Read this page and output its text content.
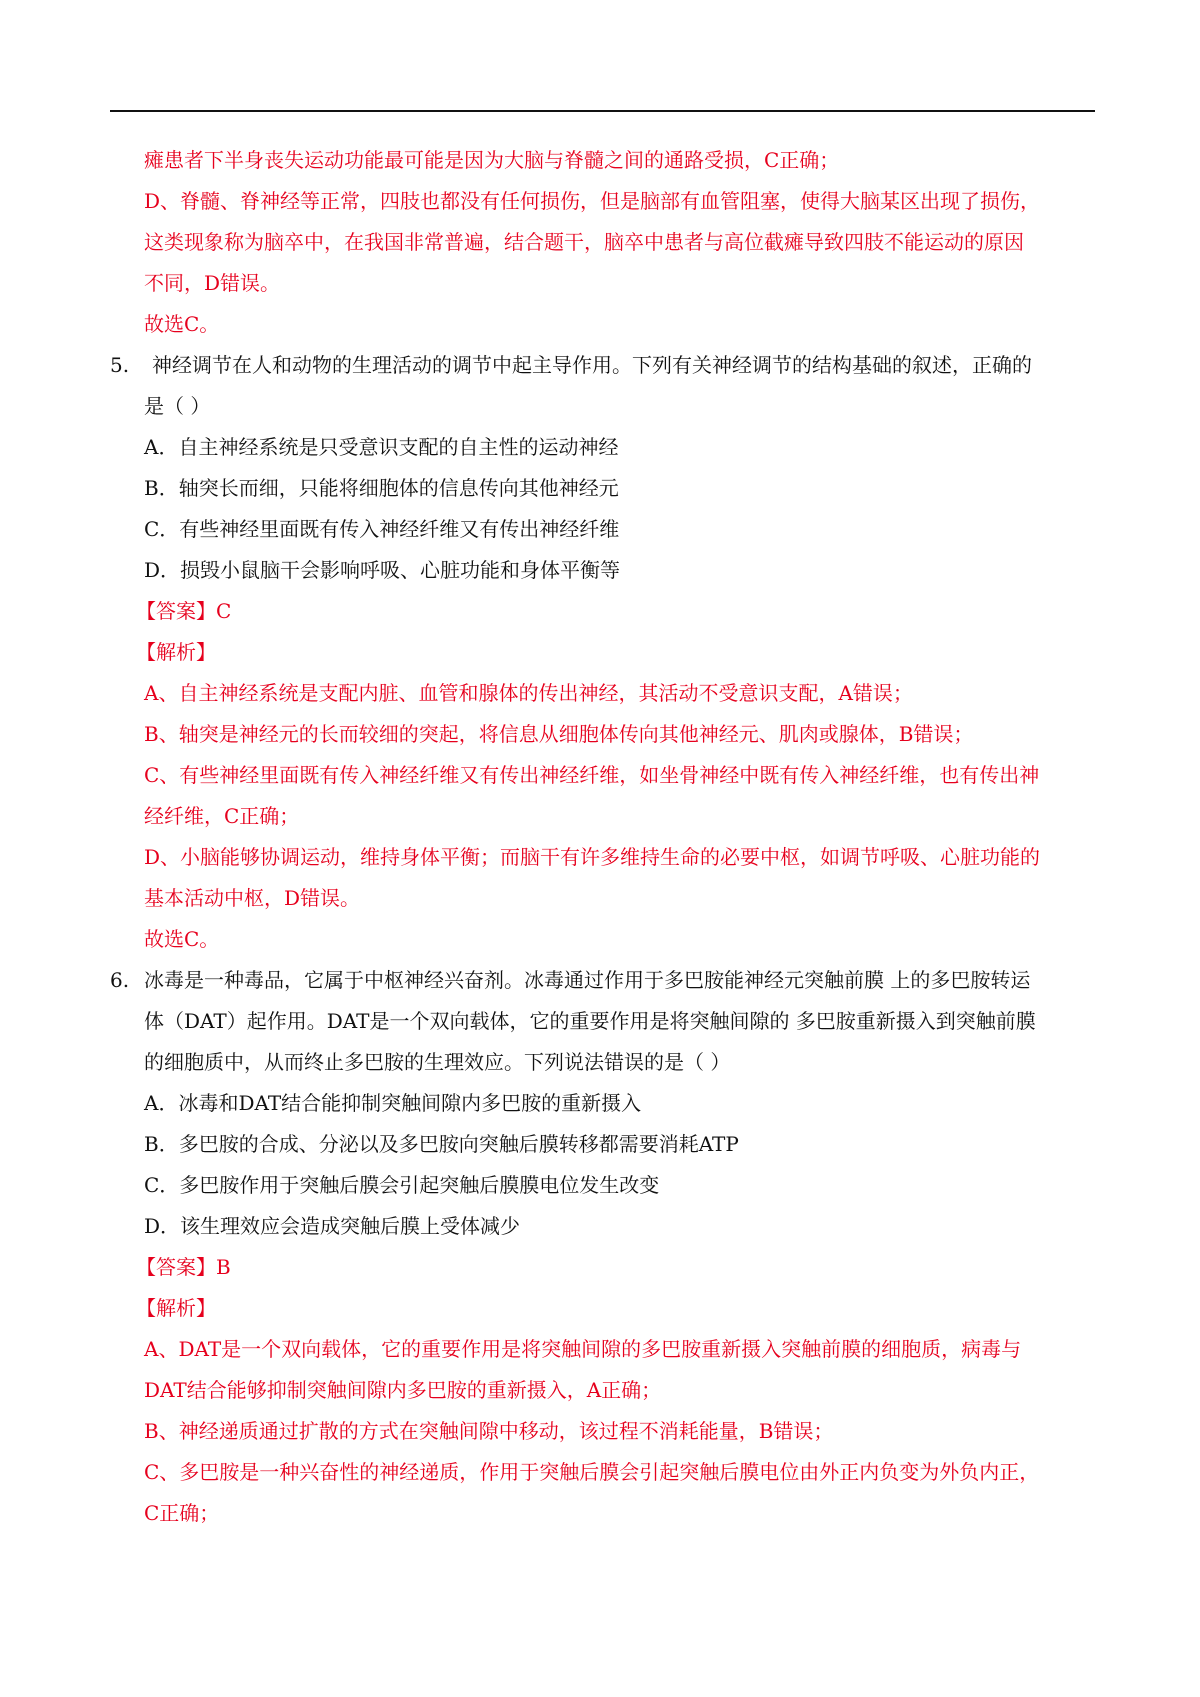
瘫患者下半身丧失运动功能最可能是因为大脑与脊髓之间的通路受损，C正确；
D、脊髓、脊神经等正常，四肢也都没有任何损伤，但是脑部有血管阻塞，使得大脑某区出现了损伤，
这类现象称为脑卒中，在我国非常普遍，结合题干，脑卒中患者与高位截瘫导致四肢不能运动的原因
不同，D错误。
故选C。
5. 神经调节在人和动物的生理活动的调节中起主导作用。下列有关神经调节的结构基础的叙述，正确的
是（ ）
A．自主神经系统是只受意识支配的自主性的运动神经
B．轴突长而细，只能将细胞体的信息传向其他神经元
C．有些神经里面既有传入神经纤维又有传出神经纤维
D．损毁小鼠脑干会影响呼吸、心脏功能和身体平衡等
【答案】C
【解析】
A、自主神经系统是支配内脏、血管和腺体的传出神经，其活动不受意识支配，A错误；
B、轴突是神经元的长而较细的突起，将信息从细胞体传向其他神经元、肌肉或腺体，B错误；
C、有些神经里面既有传入神经纤维又有传出神经纤维，如坐骨神经中既有传入神经纤维，也有传出神
经纤维，C正确；
D、小脑能够协调运动，维持身体平衡；而脑干有许多维持生命的必要中枢，如调节呼吸、心脏功能的
基本活动中枢，D错误。
故选C。
6. 冰毒是一种毒品，它属于中枢神经兴奋剂。冰毒通过作用于多巴胺能神经元突触前膜 上的多巴胺转运
体（DAT）起作用。DAT是一个双向载体，它的重要作用是将突触间隙的 多巴胺重新摄入到突触前膜
的细胞质中，从而终止多巴胺的生理效应。下列说法错误的是（ ）
A．冰毒和DAT结合能抑制突触间隙内多巴胺的重新摄入
B．多巴胺的合成、分泌以及多巴胺向突触后膜转移都需要消耗ATP
C．多巴胺作用于突触后膜会引起突触后膜膜电位发生改变
D．该生理效应会造成突触后膜上受体减少
【答案】B
【解析】
A、DAT是一个双向载体，它的重要作用是将突触间隙的多巴胺重新摄入突触前膜的细胞质，病毒与
DAT结合能够抑制突触间隙内多巴胺的重新摄入，A正确；
B、神经递质通过扩散的方式在突触间隙中移动，该过程不消耗能量，B错误；
C、多巴胺是一种兴奋性的神经递质，作用于突触后膜会引起突触后膜电位由外正内负变为外负内正，
C正确；
